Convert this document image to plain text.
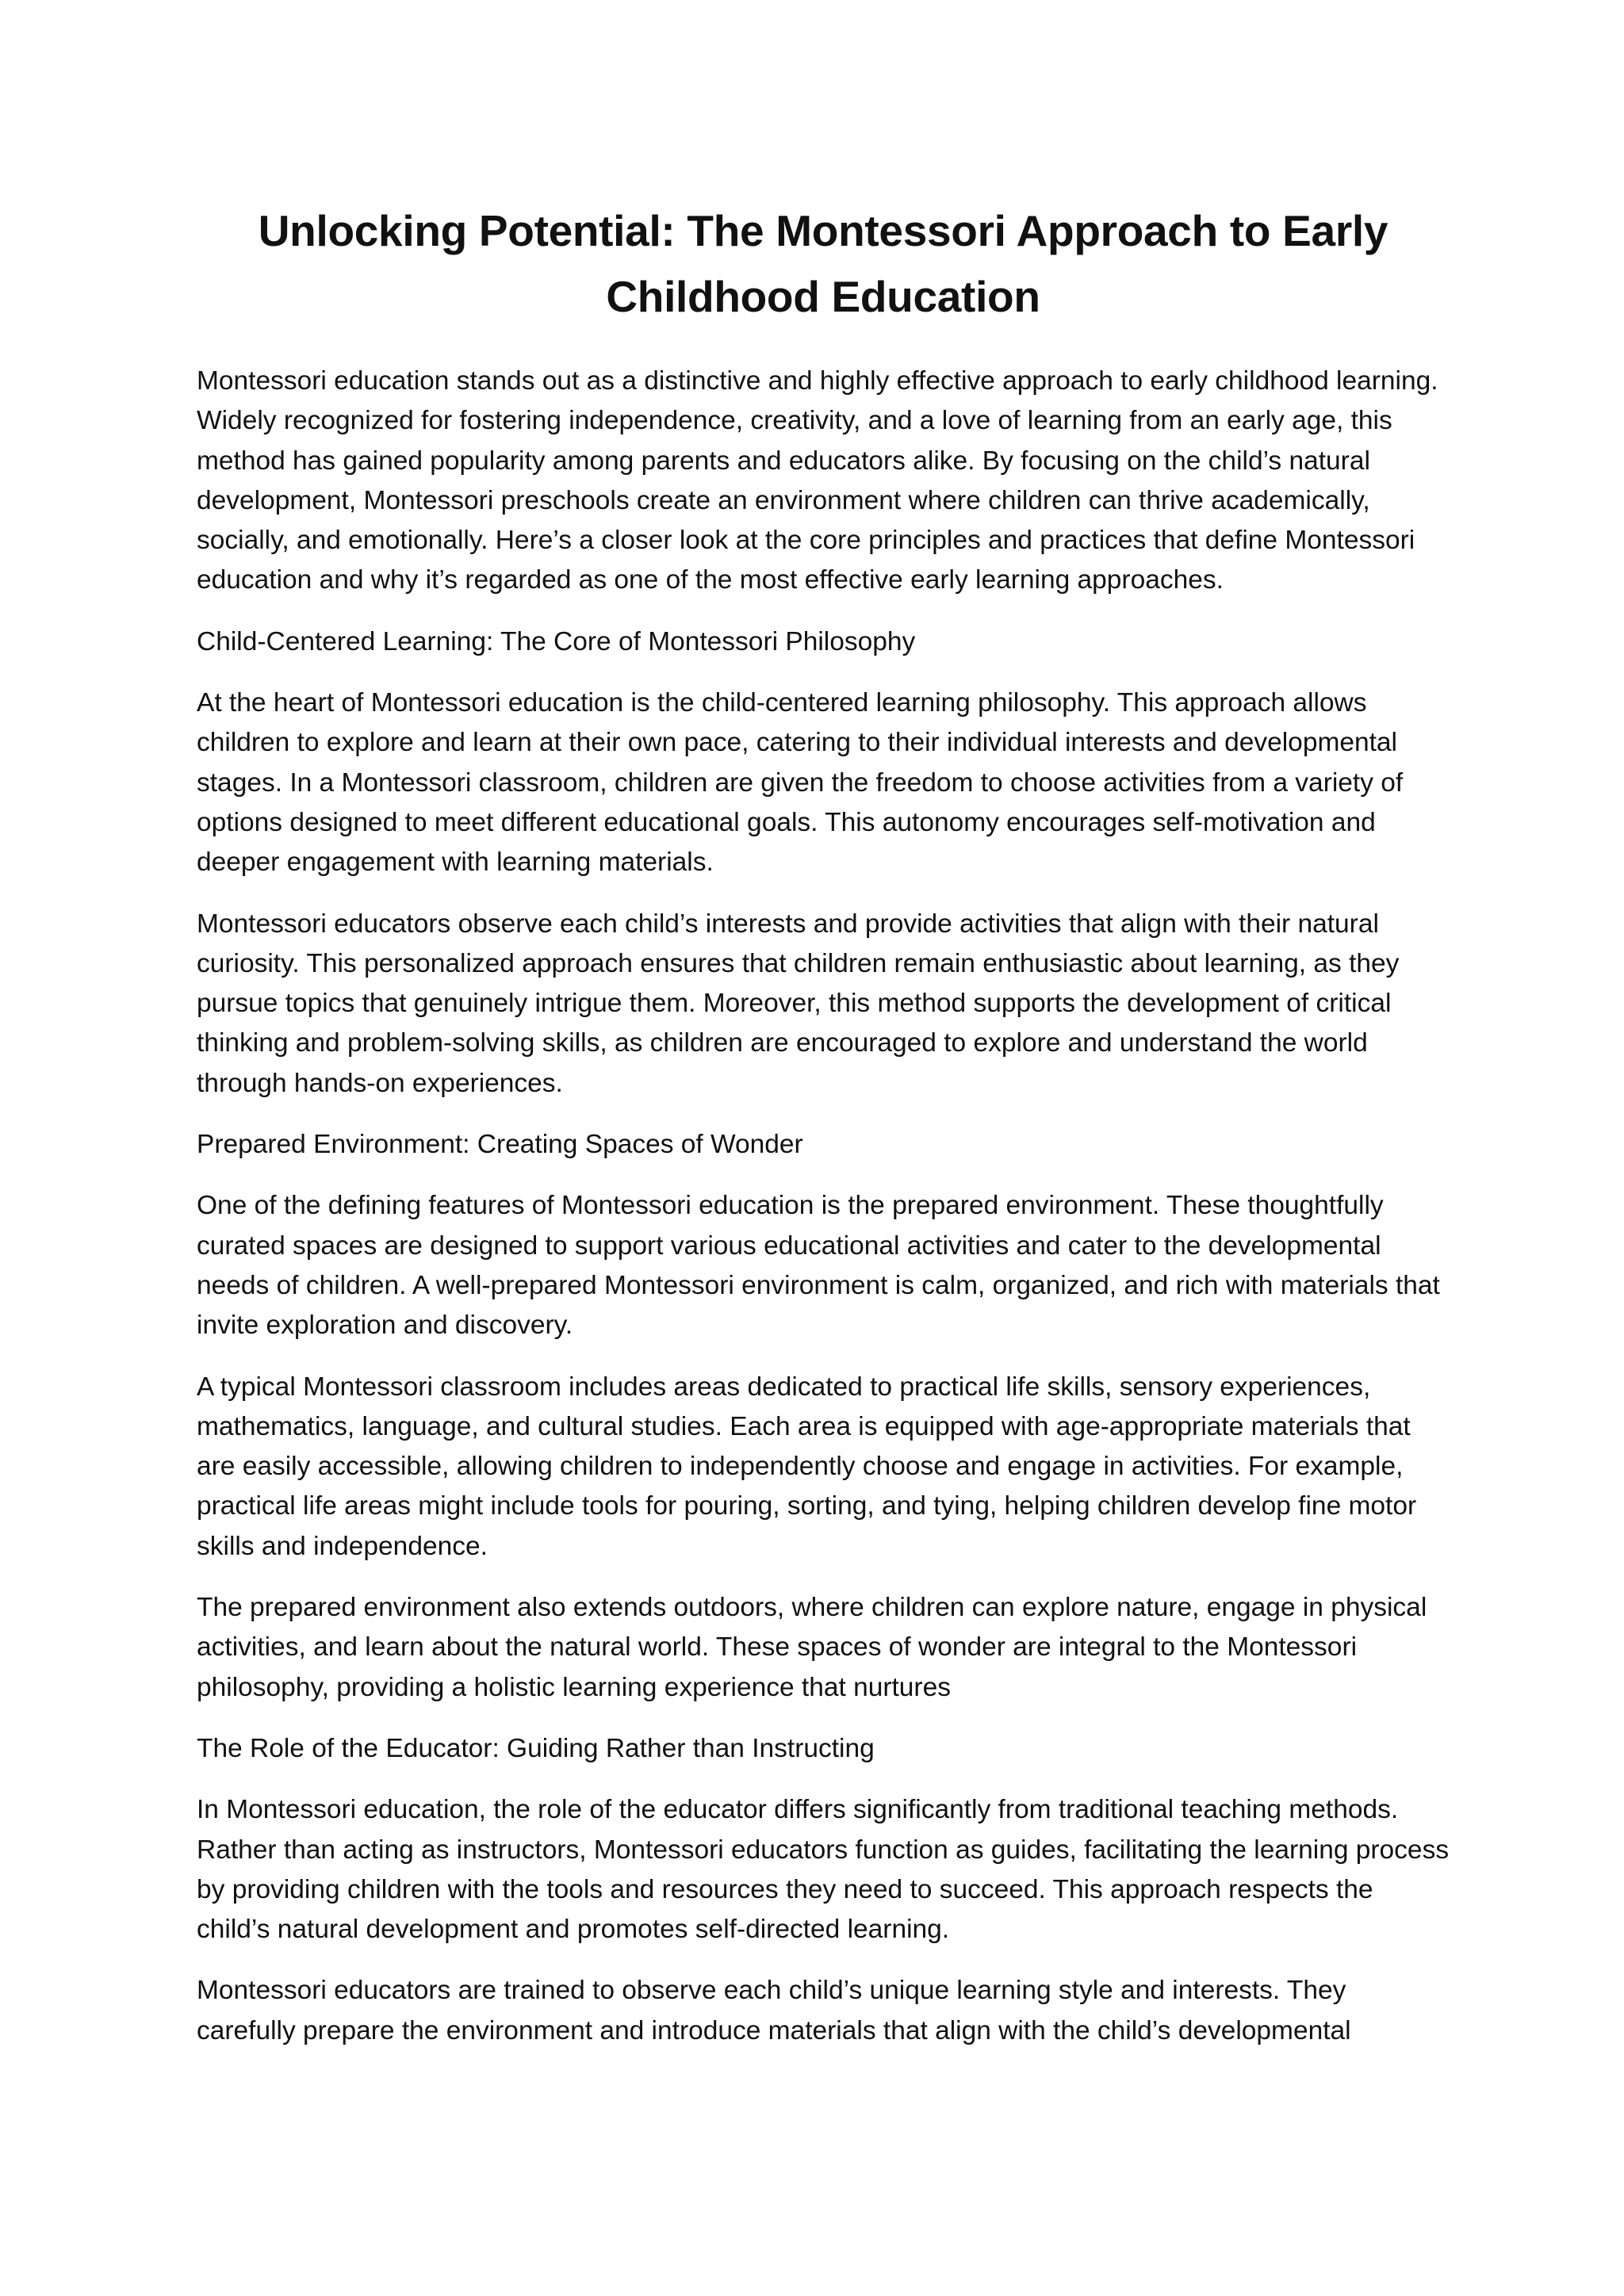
Unlocking Potential: The Montessori Approach to Early Childhood Education

Montessori education stands out as a distinctive and highly effective approach to early childhood learning. Widely recognized for fostering independence, creativity, and a love of learning from an early age, this method has gained popularity among parents and educators alike. By focusing on the child’s natural development, Montessori preschools create an environment where children can thrive academically, socially, and emotionally. Here’s a closer look at the core principles and practices that define Montessori education and why it’s regarded as one of the most effective early learning approaches.

Child-Centered Learning: The Core of Montessori Philosophy

At the heart of Montessori education is the child-centered learning philosophy. This approach allows children to explore and learn at their own pace, catering to their individual interests and developmental stages. In a Montessori classroom, children are given the freedom to choose activities from a variety of options designed to meet different educational goals. This autonomy encourages self-motivation and deeper engagement with learning materials.

Montessori educators observe each child’s interests and provide activities that align with their natural curiosity. This personalized approach ensures that children remain enthusiastic about learning, as they pursue topics that genuinely intrigue them. Moreover, this method supports the development of critical thinking and problem-solving skills, as children are encouraged to explore and understand the world through hands-on experiences.

Prepared Environment: Creating Spaces of Wonder

One of the defining features of Montessori education is the prepared environment. These thoughtfully curated spaces are designed to support various educational activities and cater to the developmental needs of children. A well-prepared Montessori environment is calm, organized, and rich with materials that invite exploration and discovery.

A typical Montessori classroom includes areas dedicated to practical life skills, sensory experiences, mathematics, language, and cultural studies. Each area is equipped with age-appropriate materials that are easily accessible, allowing children to independently choose and engage in activities. For example, practical life areas might include tools for pouring, sorting, and tying, helping children develop fine motor skills and independence.

The prepared environment also extends outdoors, where children can explore nature, engage in physical activities, and learn about the natural world. These spaces of wonder are integral to the Montessori philosophy, providing a holistic learning experience that nurtures

The Role of the Educator: Guiding Rather than Instructing

In Montessori education, the role of the educator differs significantly from traditional teaching methods. Rather than acting as instructors, Montessori educators function as guides, facilitating the learning process by providing children with the tools and resources they need to succeed. This approach respects the child’s natural development and promotes self-directed learning.

Montessori educators are trained to observe each child’s unique learning style and interests. They carefully prepare the environment and introduce materials that align with the child’s developmental
